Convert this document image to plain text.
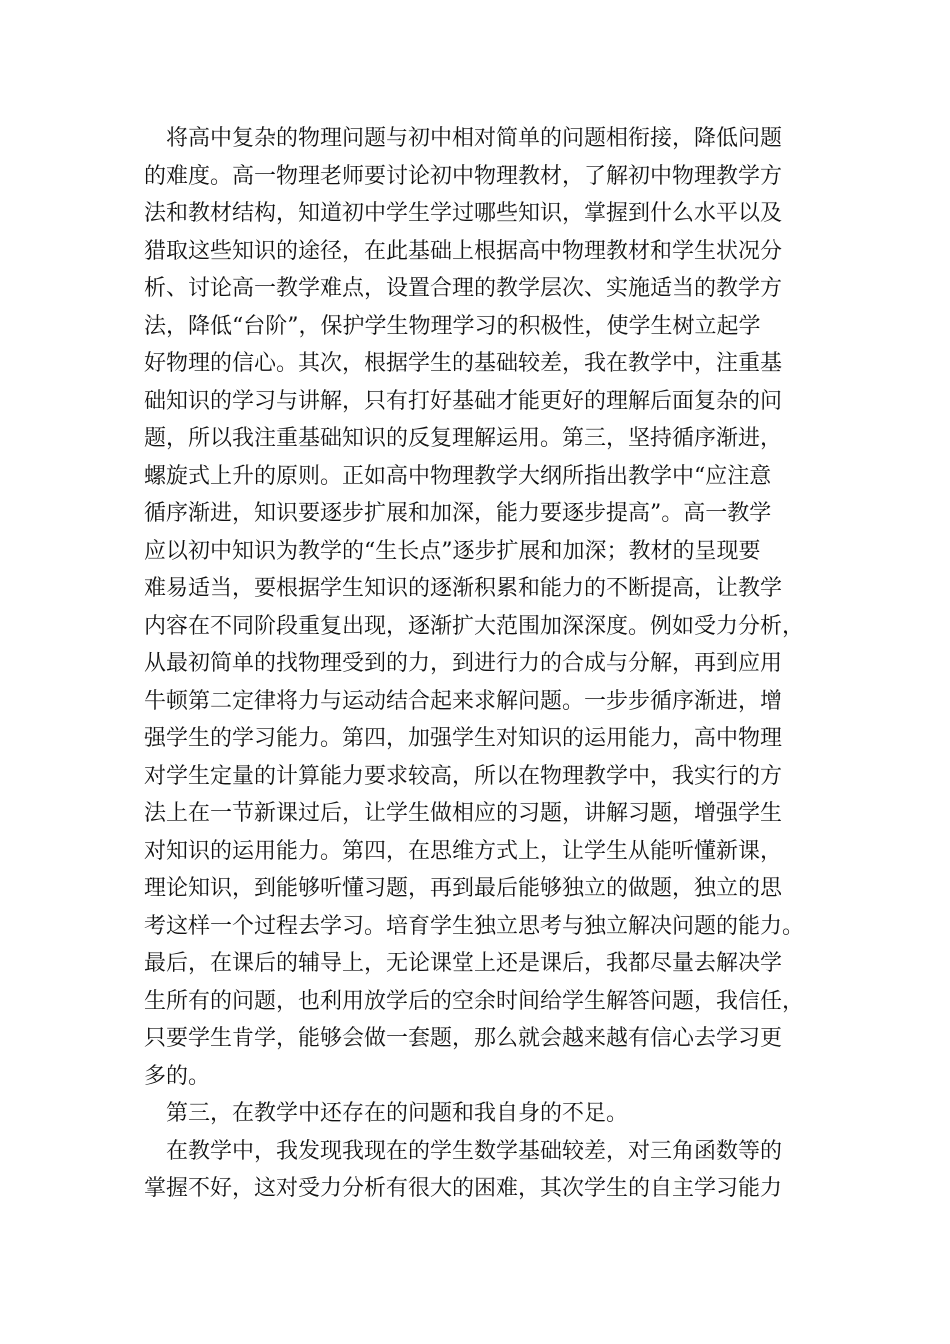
将高中复杂的物理问题与初中相对简单的问题相衔接，降低问题
的难度。高一物理老师要讨论初中物理教材，了解初中物理教学方
法和教材结构，知道初中学生学过哪些知识，掌握到什么水平以及
猎取这些知识的途径，在此基础上根据高中物理教材和学生状况分
析、讨论高一教学难点，设置合理的教学层次、实施适当的教学方
法，降低“台阶”，保护学生物理学习的积极性，使学生树立起学
好物理的信心。其次，根据学生的基础较差，我在教学中，注重基
础知识的学习与讲解，只有打好基础才能更好的理解后面复杂的问
题，所以我注重基础知识的反复理解运用。第三，坚持循序渐进，
螺旋式上升的原则。正如高中物理教学大纲所指出教学中“应注意
循序渐进，知识要逐步扩展和加深，能力要逐步提高”。高一教学
应以初中知识为教学的“生长点”逐步扩展和加深；教材的呈现要
难易适当，要根据学生知识的逐渐积累和能力的不断提高，让教学
内容在不同阶段重复出现，逐渐扩大范围加深深度。例如受力分析，
从最初简单的找物理受到的力，到进行力的合成与分解，再到应用
牛顿第二定律将力与运动结合起来求解问题。一步步循序渐进，增
强学生的学习能力。第四，加强学生对知识的运用能力，高中物理
对学生定量的计算能力要求较高，所以在物理教学中，我实行的方
法上在一节新课过后，让学生做相应的习题，讲解习题，增强学生
对知识的运用能力。第四，在思维方式上，让学生从能听懂新课，
理论知识，到能够听懂习题，再到最后能够独立的做题，独立的思
考这样一个过程去学习。培育学生独立思考与独立解决问题的能力。
最后，在课后的辅导上，无论课堂上还是课后，我都尽量去解决学
生所有的问题，也利用放学后的空余时间给学生解答问题，我信任，
只要学生肯学，能够会做一套题，那么就会越来越有信心去学习更
多的。
第三，在教学中还存在的问题和我自身的不足。
在教学中，我发现我现在的学生数学基础较差，对三角函数等的
掌握不好，这对受力分析有很大的困难，其次学生的自主学习能力
